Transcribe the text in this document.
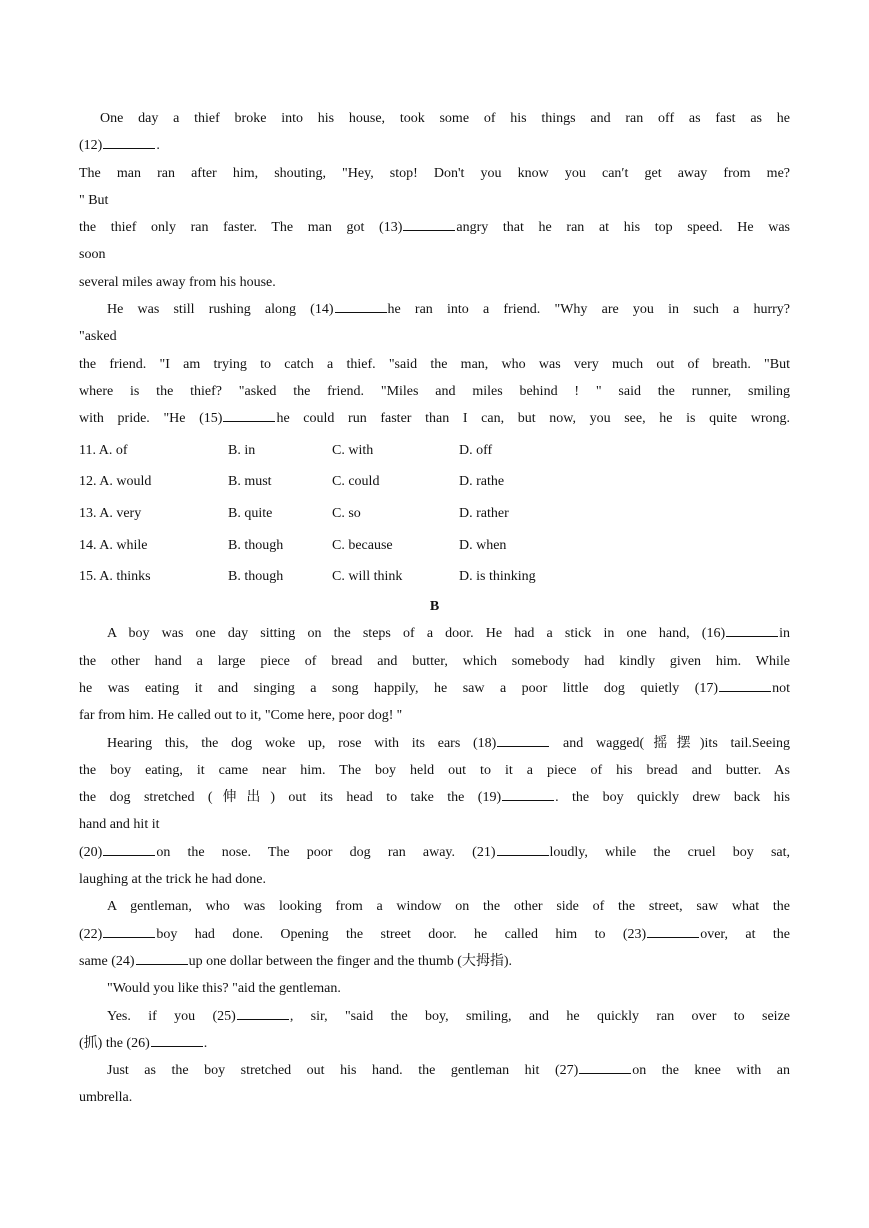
One day a thief broke into his house, took some of his things and ran off as fast as he
(12)	.
The man ran after him, shouting, "Hey, stop! Don't you know you can′t get away from me?
" But
the thief only ran faster. The man got (13)	angry that he ran at his top speed. He was
soon
several miles away from his house.
He was still rushing along (14)	he ran into a friend. "Why are you in such a hurry?
"asked
the friend. "I am trying to catch a thief. "said the man, who was very much out of breath. "But
where is the thief? "asked the friend. "Miles and miles behind ! " said the runner, smiling
with pride. "He (15)	he could run faster than I can, but now, you see, he is quite wrong.
11. A. of	B. in	C. with	D. off
12. A. would	B. must	C. could	D. rathe
13. A. very	B. quite	C. so	D. rather
14. A. while	B. though	C. because	D. when
15. A. thinks	B. though	C. will think	D. is thinking
B
A boy was one day sitting on the steps of a door. He had a stick in one hand, (16)	in
the other hand a large piece of bread and butter, which somebody had kindly given him. While
he was eating it and singing a song happily, he saw a poor little dog quietly (17)	not
far from him. He called out to it, "Come here, poor dog! ''
Hearing this, the dog woke up, rose with its ears (18)	and wagged(摇摆)its tail.Seeing
the boy eating, it came near him. The boy held out to it a piece of his bread and butter. As
the dog stretched (伸出) out its head to take the (19)	. the boy quickly drew back his
hand and hit it
(20)	on the nose. The poor dog ran away. (21)	loudly, while the cruel boy sat,
laughing at the trick he had done.
A gentleman, who was looking from a window on the other side of the street, saw what the
(22)	boy had done. Opening the street door. he called him to (23)	over, at the
same (24)	up one dollar between the finger and the thumb (大拇指).
"Would you like this? "aid the gentleman.
Yes. if you (25)	, sir, "said the boy, smiling, and he quickly ran over to seize
(抓) the (26)	.
Just as the boy stretched out his hand. the gentleman hit (27)	on the knee with an
umbrella.
